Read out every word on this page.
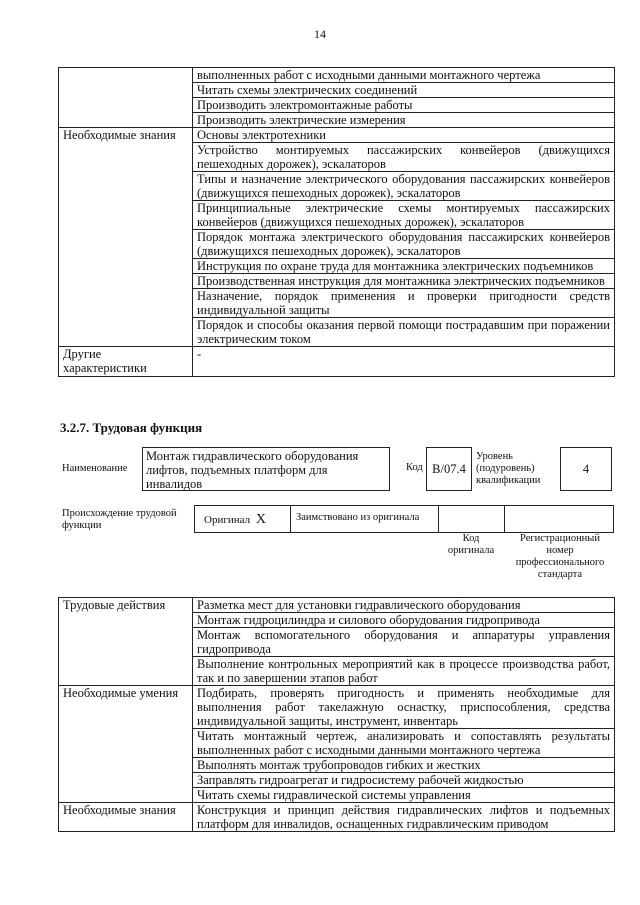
14
	выполненных работ с исходными данными монтажного чертежа
	Читать схемы электрических соединений
	Производить электромонтажные работы
	Производить электрические измерения
Необходимые знания	Основы электротехники
	Устройство монтируемых пассажирских конвейеров (движущихся пешеходных дорожек), эскалаторов
	Типы и назначение электрического оборудования пассажирских конвейеров (движущихся пешеходных дорожек), эскалаторов
	Принципиальные электрические схемы монтируемых пассажирских конвейеров (движущихся пешеходных дорожек), эскалаторов
	Порядок монтажа электрического оборудования пассажирских конвейеров (движущихся пешеходных дорожек), эскалаторов
	Инструкция по охране труда для монтажника электрических подъемников
	Производственная инструкция для монтажника электрических подъемников
	Назначение, порядок применения и проверки пригодности средств индивидуальной защиты
	Порядок и способы оказания первой помощи пострадавшим при поражении электрическим током
Другие характеристики	-
3.2.7. Трудовая функция
Наименование
Монтаж гидравлического оборудования лифтов, подъемных платформ для инвалидов
Код B/07.4
Уровень (подуровень) квалификации
4
Происхождение трудовой функции	Оригинал X	Заимствовано из оригинала
Код оригинала
Регистрационный номер профессионального стандарта
Трудовые действия	Разметка мест для установки гидравлического оборудования
	Монтаж гидроцилиндра и силового оборудования гидропривода
	Монтаж вспомогательного оборудования и аппаратуры управления гидропривода
	Выполнение контрольных мероприятий как в процессе производства работ, так и по завершении этапов работ
Необходимые умения	Подбирать, проверять пригодность и применять необходимые для выполнения работ такелажную оснастку, приспособления, средства индивидуальной защиты, инструмент, инвентарь
	Читать монтажный чертеж, анализировать и сопоставлять результаты выполненных работ с исходными данными монтажного чертежа
	Выполнять монтаж трубопроводов гибких и жестких
	Заправлять гидроагрегат и гидросистему рабочей жидкостью
	Читать схемы гидравлической системы управления
Необходимые знания	Конструкция и принцип действия гидравлических лифтов и подъемных платформ для инвалидов, оснащенных гидравлическим приводом
